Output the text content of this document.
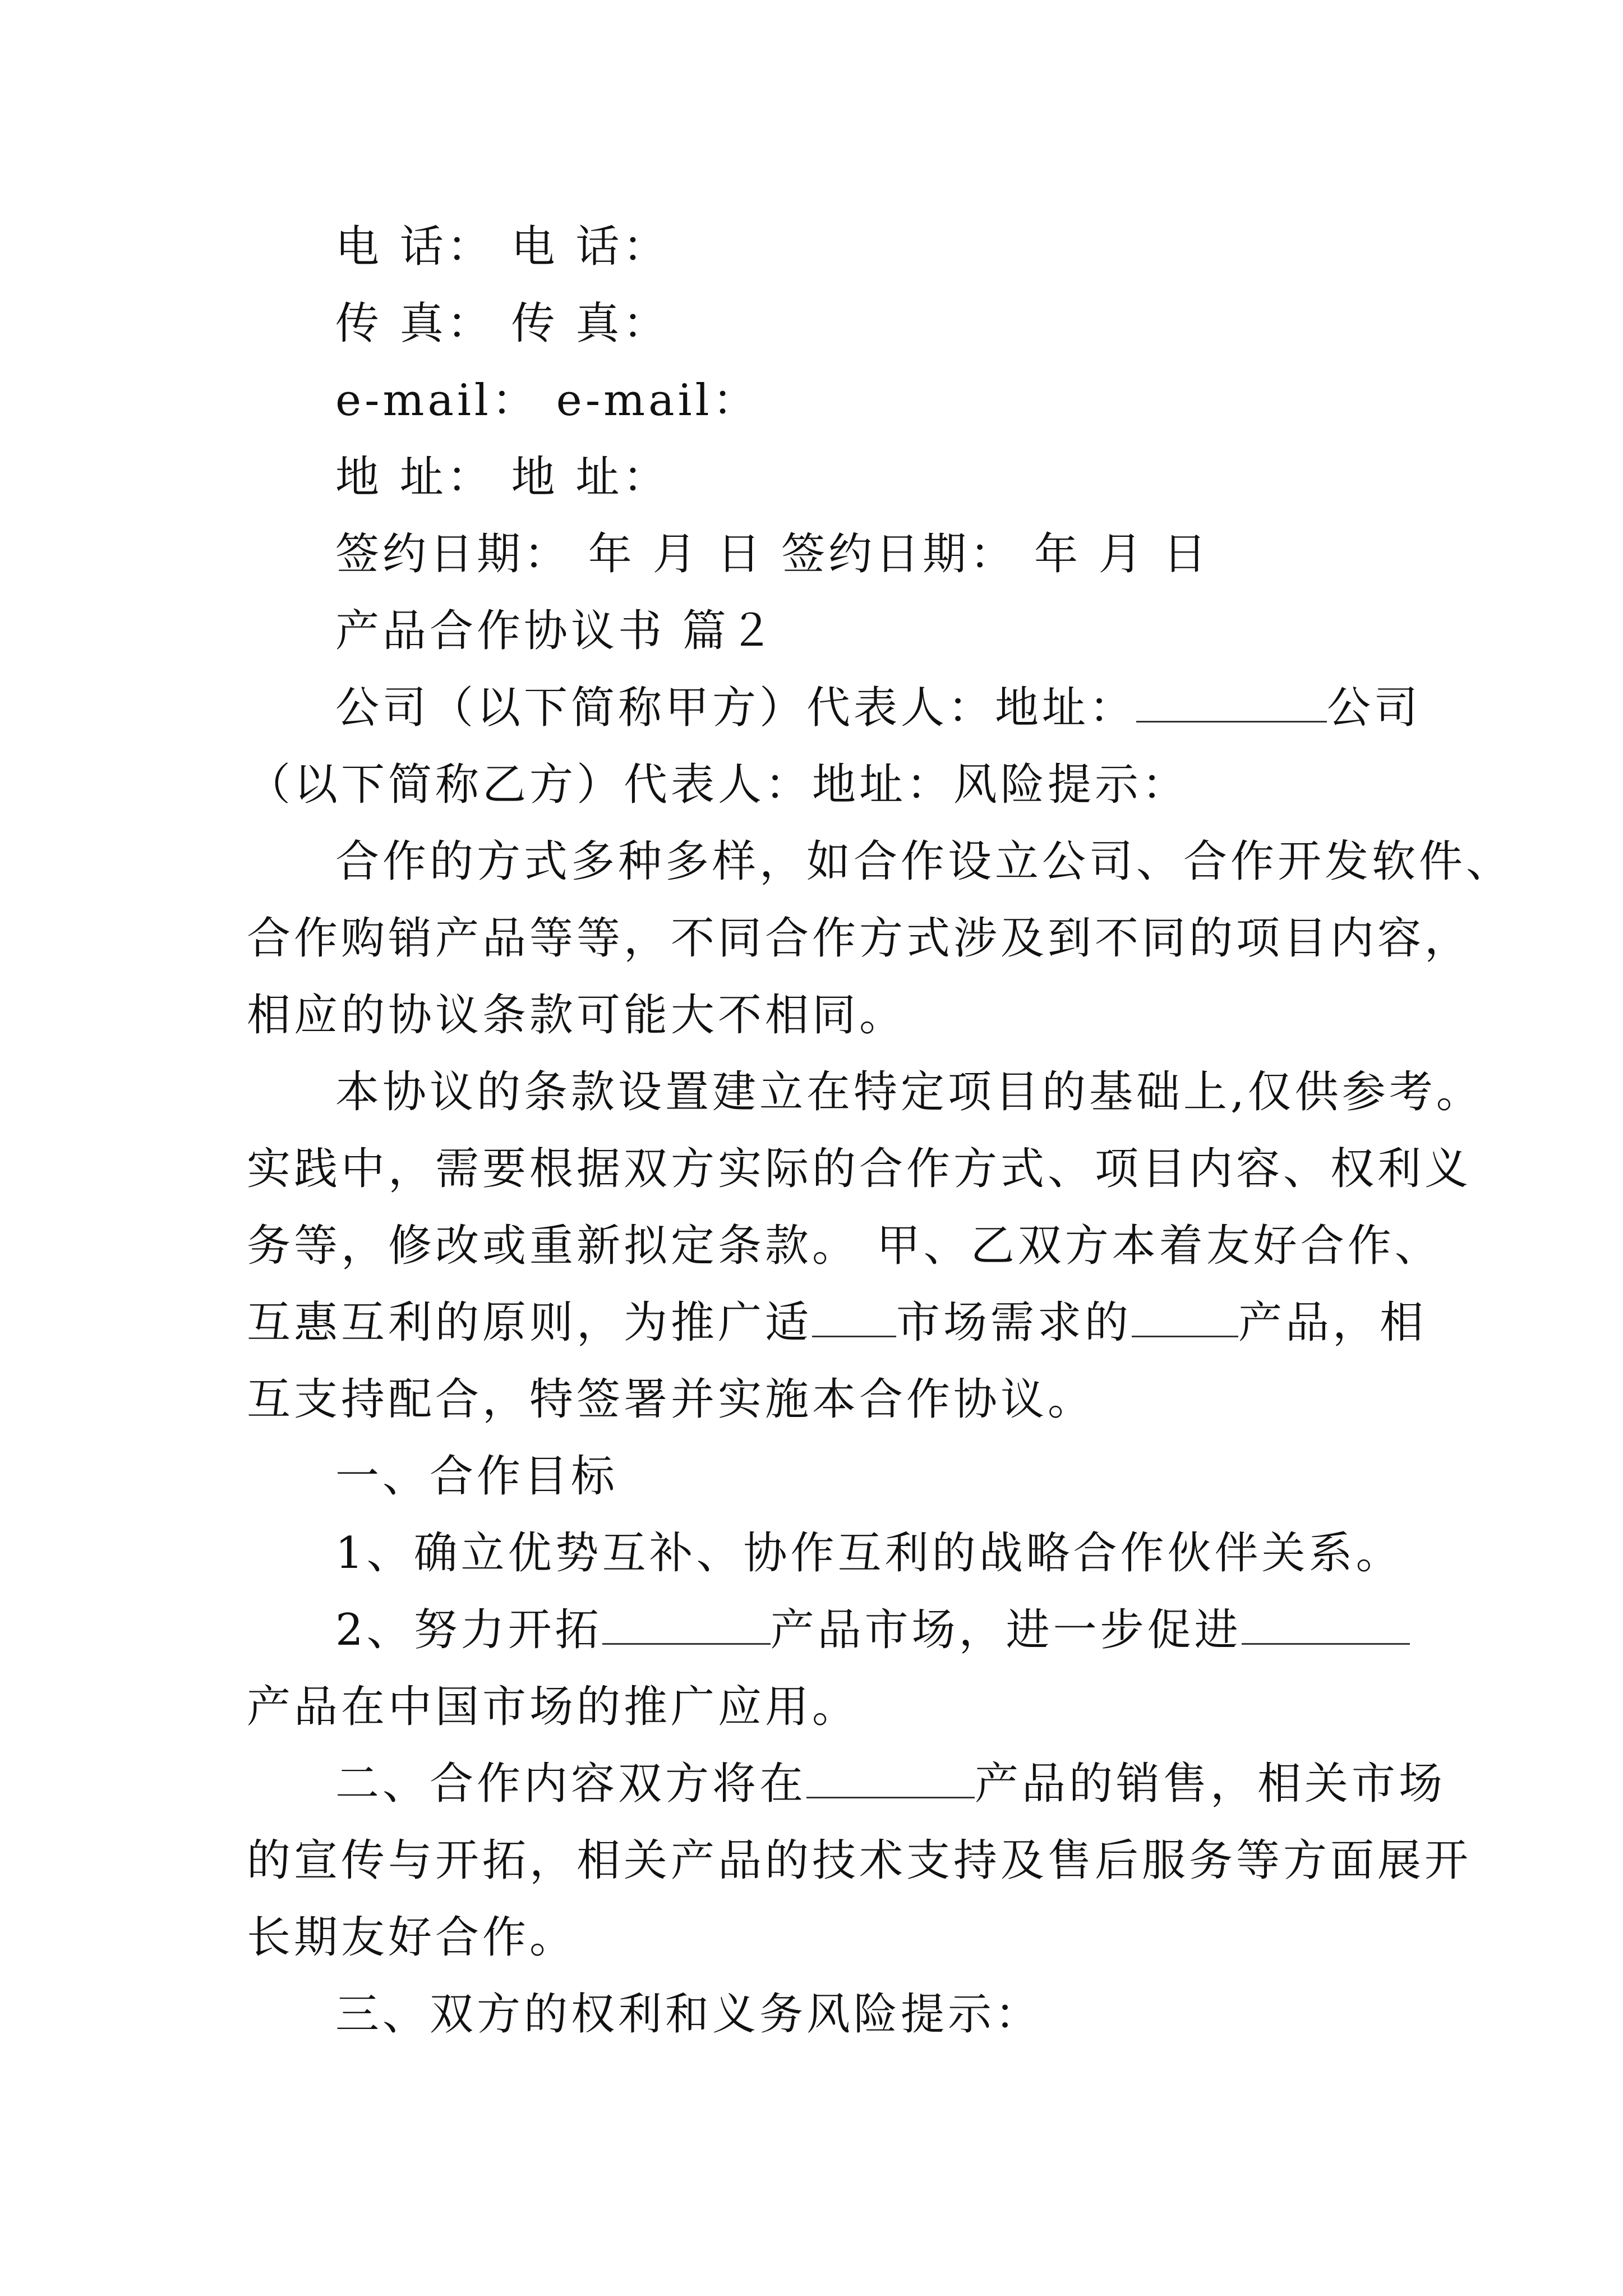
电 话： 电 话：
传 真： 传 真：
e-mail： e-mail：
地 址： 地 址：
签约日期： 年 月 日 签约日期： 年 月 日
产品合作协议书 篇２
公司（以下简称甲方）代表人：地址：	公司
（以下简称乙方）代表人：地址：风险提示：
合作的方式多种多样，如合作设立公司、合作开发软件、
合作购销产品等等，不同合作方式涉及到不同的项目内容，
相应的协议条款可能大不相同。
本协议的条款设置建立在特定项目的基础上,仅供参考。
实践中，需要根据双方实际的合作方式、项目内容、权利义
务等，修改或重新拟定条款。 甲、乙双方本着友好合作、
互惠互利的原则，为推广适 市场需求的 产品，相
互支持配合，特签署并实施本合作协议。
一、合作目标
1、确立优势互补、协作互利的战略合作伙伴关系。
2、努力开拓	产品市场，进一步促进
产品在中国市场的推广应用。
二、合作内容双方将在	产品的销售，相关市场
的宣传与开拓，相关产品的技术支持及售后服务等方面展开
长期友好合作。
三、双方的权利和义务风险提示：
